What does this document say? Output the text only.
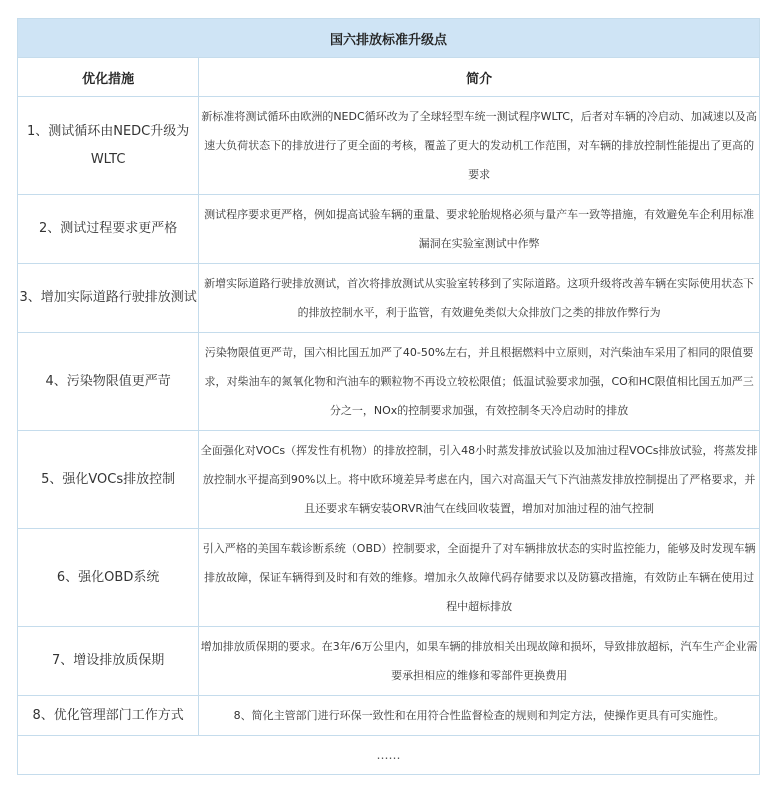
国六排放标准升级点	
优化措施	简介
1、测试循环由NEDC升级为WLTC	新标准将测试循环由欧洲的NEDC循环改为了全球轻型车统一测试程序WLTC，后者对车辆的冷启动、加减速以及高速大负荷状态下的排放进行了更全面的考核，覆盖了更大的发动机工作范围，对车辆的排放控制性能提出了更高的要求
2、测试过程要求更严格	测试程序要求更严格，例如提高试验车辆的重量、要求轮胎规格必须与量产车一致等措施，有效避免车企利用标准漏洞在实验室测试中作弊
3、增加实际道路行驶排放测试	新增实际道路行驶排放测试，首次将排放测试从实验室转移到了实际道路。这项升级将改善车辆在实际使用状态下的排放控制水平，利于监管，有效避免类似大众排放门之类的排放作弊行为
4、污染物限值更严苛	污染物限值更严苛，国六相比国五加严了40-50%左右，并且根据燃料中立原则，对汽柴油车采用了相同的限值要求，对柴油车的氮氧化物和汽油车的颗粒物不再设立较松限值；低温试验要求加强，CO和HC限值相比国五加严三分之一，NOx的控制要求加强，有效控制冬天冷启动时的排放
5、强化VOCs排放控制	全面强化对VOCs（挥发性有机物）的排放控制，引入48小时蒸发排放试验以及加油过程VOCs排放试验，将蒸发排放控制水平提高到90%以上。将中欧环境差异考虑在内，国六对高温天气下汽油蒸发排放控制提出了严格要求，并且还要求车辆安装ORVR油气在线回收装置，增加对加油过程的油气控制
6、强化OBD系统	引入严格的美国车载诊断系统（OBD）控制要求，全面提升了对车辆排放状态的实时监控能力，能够及时发现车辆排放故障，保证车辆得到及时和有效的维修。增加永久故障代码存储要求以及防篡改措施，有效防止车辆在使用过程中超标排放
7、增设排放质保期	增加排放质保期的要求。在3年/6万公里内，如果车辆的排放相关出现故障和损坏，导致排放超标，汽车生产企业需要承担相应的维修和零部件更换费用
8、优化管理部门工作方式	8、简化主管部门进行环保一致性和在用符合性监督检查的规则和判定方法，使操作更具有可实施性。
……	
